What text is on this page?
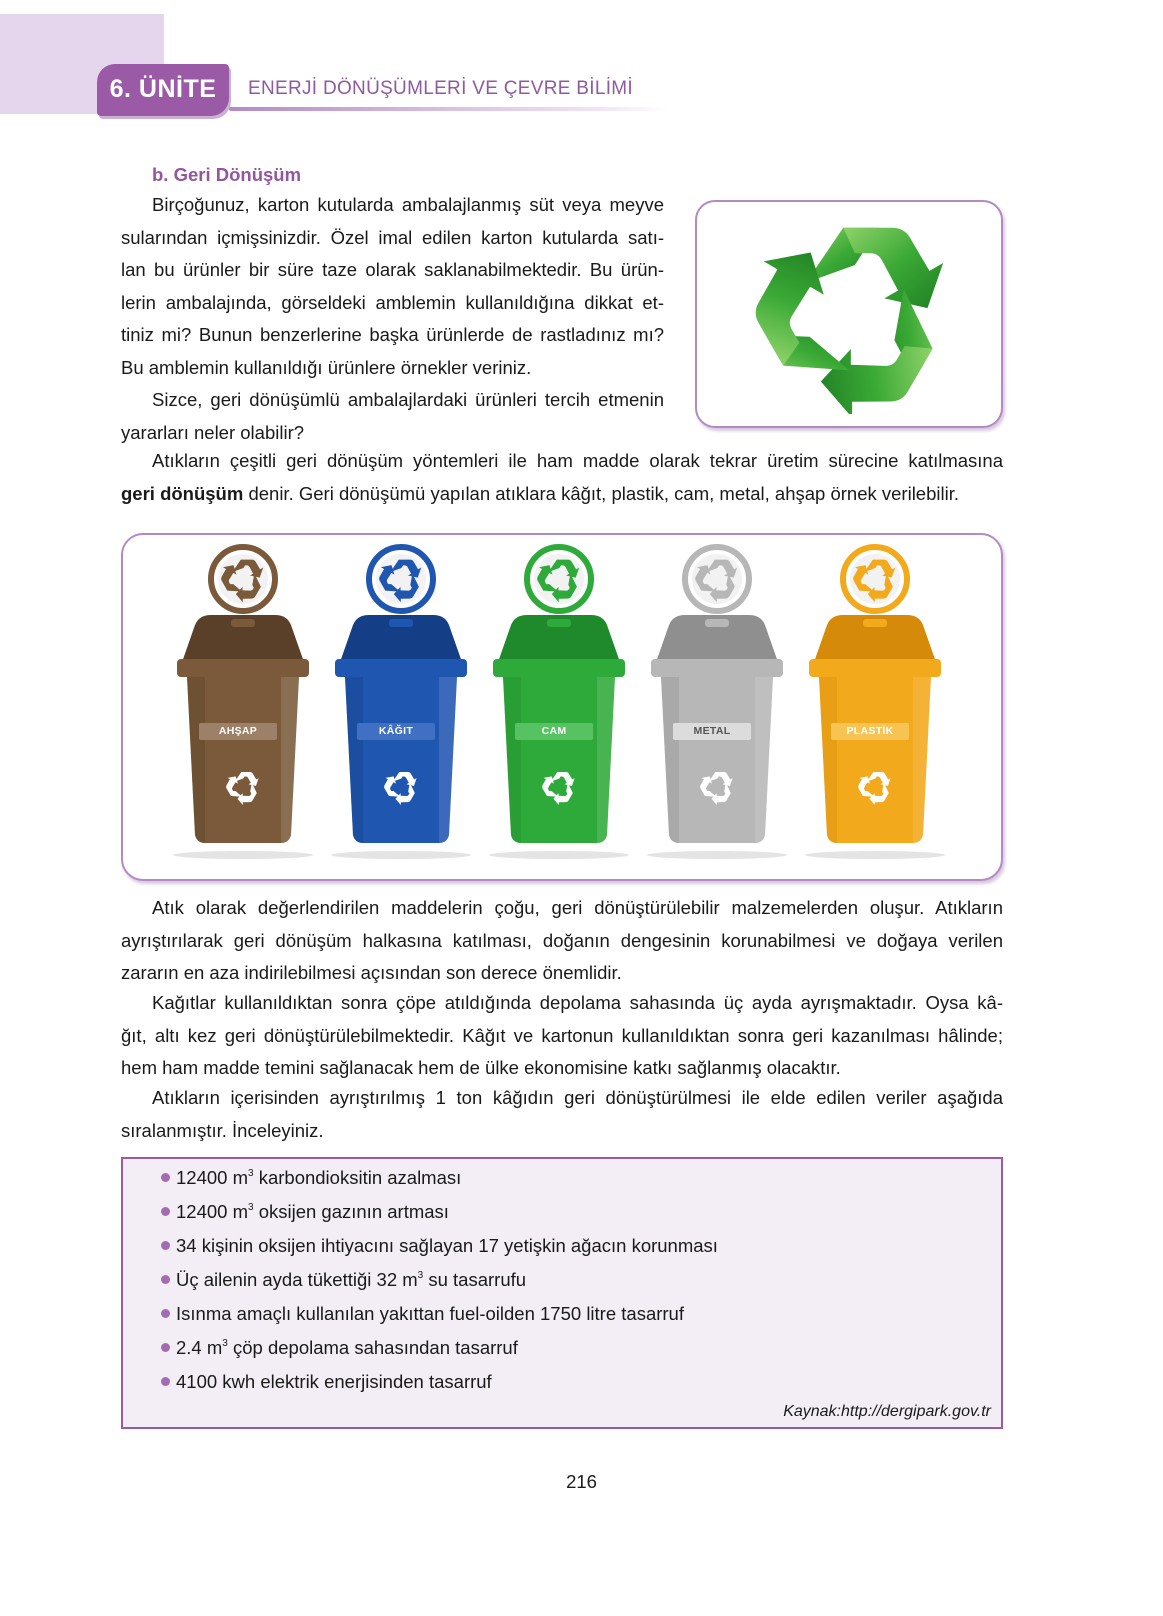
6. ÜNİTE	ENERJİ DÖNÜŞÜMLERİ VE ÇEVRE BİLİMİ
b. Geri Dönüşüm
Birçoğunuz, karton kutularda ambalajlanmış süt veya meyve
sularından içmişsinizdir. Özel imal edilen karton kutularda satı-
lan bu ürünler bir süre taze olarak saklanabilmektedir. Bu ürün-
lerin ambalajında, görseldeki amblemin kullanıldığına dikkat et-
tiniz mi? Bunun benzerlerine başka ürünlerde de rastladınız mı?
Bu amblemin kullanıldığı ürünlere örnekler veriniz.
Sizce, geri dönüşümlü ambalajlardaki ürünleri tercih etmenin
yararları neler olabilir?
Atıkların çeşitli geri dönüşüm yöntemleri ile ham madde olarak tekrar üretim sürecine katılmasına
geri dönüşüm denir. Geri dönüşümü yapılan atıklara kâğıt, plastik, cam, metal, ahşap örnek verilebilir.
AHŞAP	KÂĞIT	CAM	METAL	PLASTİK
Atık olarak değerlendirilen maddelerin çoğu, geri dönüştürülebilir malzemelerden oluşur. Atıkların
ayrıştırılarak geri dönüşüm halkasına katılması, doğanın dengesinin korunabilmesi ve doğaya verilen
zararın en aza indirilebilmesi açısından son derece önemlidir.
Kağıtlar kullanıldıktan sonra çöpe atıldığında depolama sahasında üç ayda ayrışmaktadır. Oysa kâ-
ğıt, altı kez geri dönüştürülebilmektedir. Kâğıt ve kartonun kullanıldıktan sonra geri kazanılması hâlinde;
hem ham madde temini sağlanacak hem de ülke ekonomisine katkı sağlanmış olacaktır.
Atıkların içerisinden ayrıştırılmış 1 ton kâğıdın geri dönüştürülmesi ile elde edilen veriler aşağıda
sıralanmıştır. İnceleyiniz.
12400 $m^3$ karbondioksitin azalması
12400 $m^3$ oksijen gazının artması
34 kişinin oksijen ihtiyacını sağlayan 17 yetişkin ağacın korunması
Üç ailenin ayda tükettiği 32 $m^3$ su tasarrufu
Isınma amaçlı kullanılan yakıttan fuel-oilden 1750 litre tasarruf
2.4 $m^3$ çöp depolama sahasından tasarruf
4100 kwh elektrik enerjisinden tasarruf
Kaynak:http://dergipark.gov.tr
216
